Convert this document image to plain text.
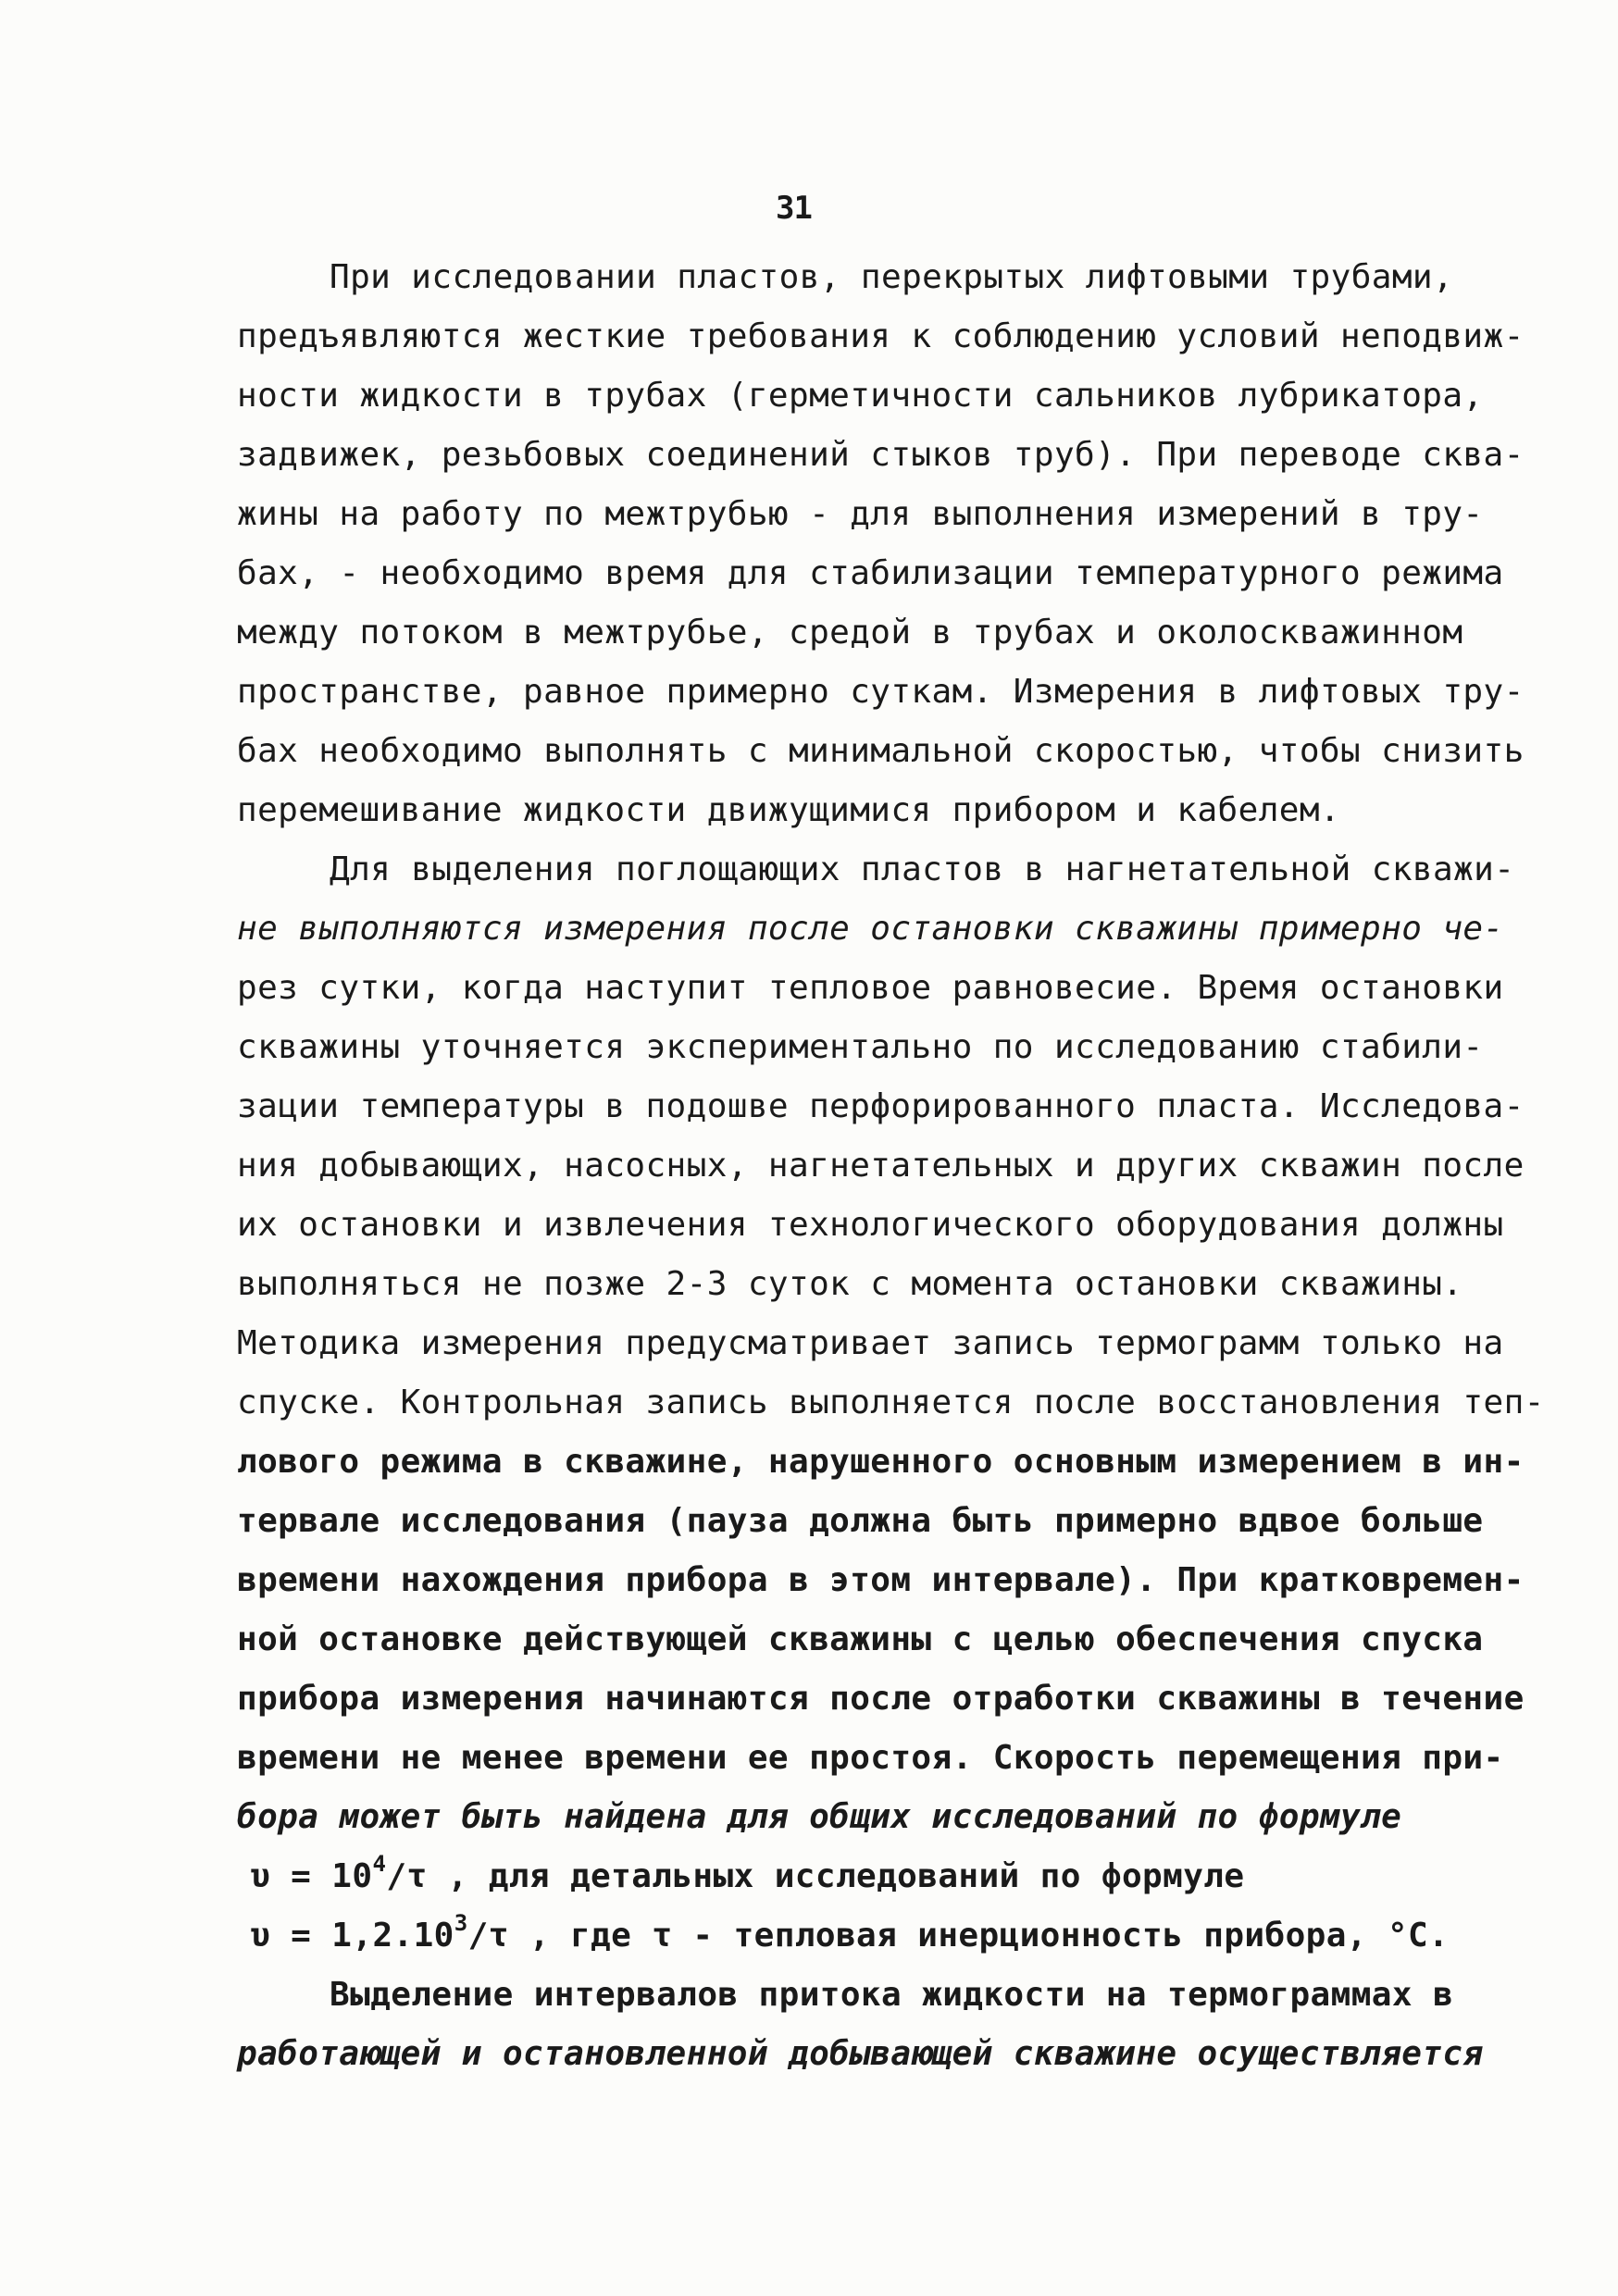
31
При исследовании пластов, перекрытых лифтовыми трубами,
предъявляются жесткие требования к соблюдению условий неподвиж-
ности жидкости в трубах (герметичности сальников лубрикатора,
задвижек, резьбовых соединений стыков труб). При переводе сква-
жины на работу по межтрубью - для выполнения измерений в тру-
бах, - необходимо время для стабилизации температурного режима
между потоком в межтрубье, средой в трубах и околоскважинном
пространстве, равное примерно суткам. Измерения в лифтовых тру-
бах необходимо выполнять с минимальной скоростью, чтобы снизить
перемешивание жидкости движущимися прибором и кабелем.
Для выделения поглощающих пластов в нагнетательной скважи-
не выполняются измерения после остановки скважины примерно че-
рез сутки, когда наступит тепловое равновесие. Время остановки
скважины уточняется экспериментально по исследованию стабили-
зации температуры в подошве перфорированного пласта. Исследова-
ния добывающих, насосных, нагнетательных и других скважин после
их остановки и извлечения технологического оборудования должны
выполняться не позже 2-3 суток с момента остановки скважины.
Методика измерения предусматривает запись термограмм только на
спуске. Контрольная запись выполняется после восстановления теп-
лового режима в скважине, нарушенного основным измерением в ин-
тервале исследования (пауза должна быть примерно вдвое больше
времени нахождения прибора в этом интервале). При кратковремен-
ной остановке действующей скважины с целью обеспечения спуска
прибора измерения начинаются после отработки скважины в течение
времени не менее времени ее простоя. Скорость перемещения при-
бора может быть найдена для общих исследований по формуле
$\upsilon = 10^4/\tau$ , для детальных исследований по формуле
$\upsilon = 1,2.10^3/\tau$ , где τ - тепловая инерционность прибора, °С.
Выделение интервалов притока жидкости на термограммах в
работающей и остановленной добывающей скважине осуществляется
